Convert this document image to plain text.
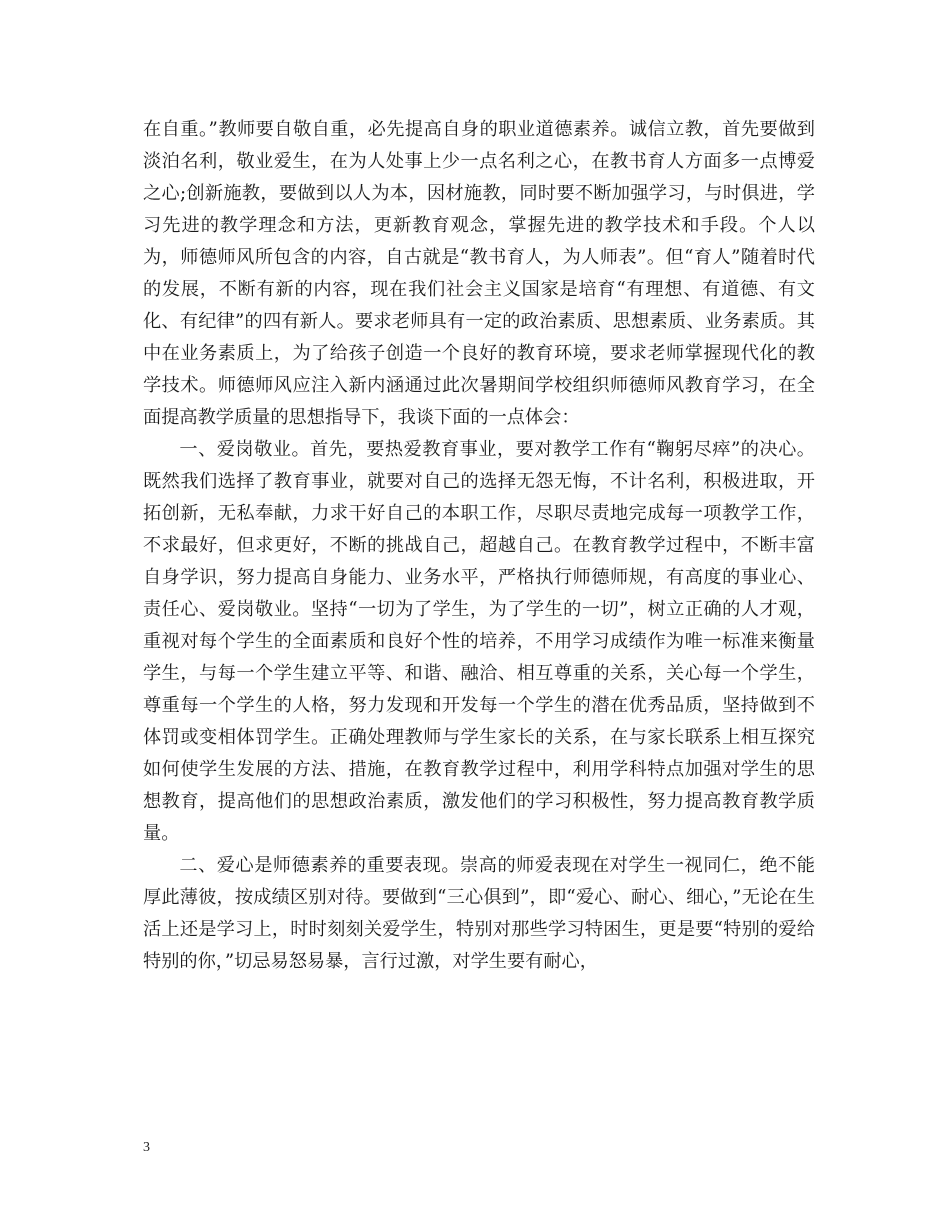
在自重。”教师要自敬自重，必先提高自身的职业道德素养。诚信立教，首先要做到淡泊名利，敬业爱生，在为人处事上少一点名利之心，在教书育人方面多一点博爱之心;创新施教，要做到以人为本，因材施教，同时要不断加强学习，与时俱进，学习先进的教学理念和方法，更新教育观念，掌握先进的教学技术和手段。个人以为，师德师风所包含的内容，自古就是“教书育人，为人师表”。但“育人”随着时代的发展，不断有新的内容，现在我们社会主义国家是培育“有理想、有道德、有文化、有纪律”的四有新人。要求老师具有一定的政治素质、思想素质、业务素质。其中在业务素质上，为了给孩子创造一个良好的教育环境，要求老师掌握现代化的教学技术。师德师风应注入新内涵通过此次暑期间学校组织师德师风教育学习，在全面提高教学质量的思想指导下，我谈下面的一点体会：

一、爱岗敬业。首先，要热爱教育事业，要对教学工作有“鞠躬尽瘁”的决心。既然我们选择了教育事业，就要对自己的选择无怨无悔，不计名利，积极进取，开拓创新，无私奉献，力求干好自己的本职工作，尽职尽责地完成每一项教学工作，不求最好，但求更好，不断的挑战自己，超越自己。在教育教学过程中，不断丰富自身学识，努力提高自身能力、业务水平，严格执行师德师规，有高度的事业心、责任心、爱岗敬业。坚持“一切为了学生，为了学生的一切”，树立正确的人才观，重视对每个学生的全面素质和良好个性的培养，不用学习成绩作为唯一标准来衡量学生，与每一个学生建立平等、和谐、融洽、相互尊重的关系，关心每一个学生，尊重每一个学生的人格，努力发现和开发每一个学生的潜在优秀品质，坚持做到不体罚或变相体罚学生。正确处理教师与学生家长的关系，在与家长联系上相互探究如何使学生发展的方法、措施，在教育教学过程中，利用学科特点加强对学生的思想教育，提高他们的思想政治素质，激发他们的学习积极性，努力提高教育教学质量。

二、爱心是师德素养的重要表现。崇高的师爱表现在对学生一视同仁，绝不能厚此薄彼，按成绩区别对待。要做到“三心俱到”，即“爱心、耐心、细心，”无论在生活上还是学习上，时时刻刻关爱学生，特别对那些学习特困生，更是要“特别的爱给特别的你，”切忌易怒易暴，言行过激，对学生要有耐心，

3
